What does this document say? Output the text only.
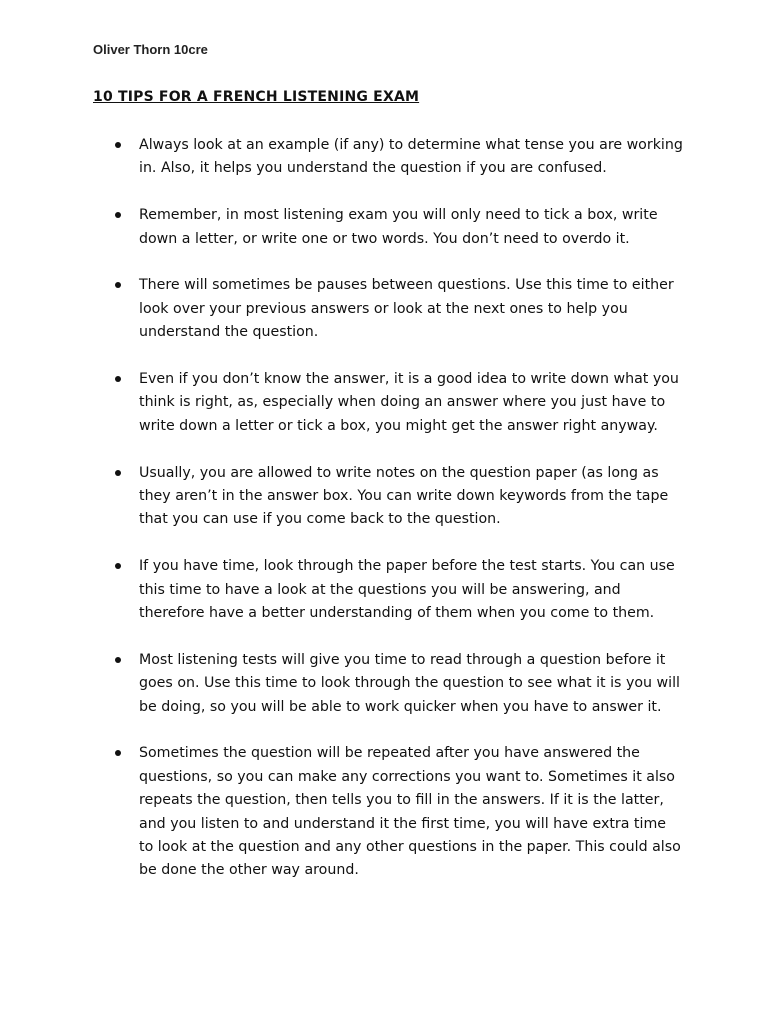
Oliver Thorn 10cre

10 TIPS FOR A FRENCH LISTENING EXAM
Always look at an example (if any) to determine what tense you are working in. Also, it helps you understand the question if you are confused.
Remember, in most listening exam you will only need to tick a box, write down a letter, or write one or two words. You don’t need to overdo it.
There will sometimes be pauses between questions. Use this time to either look over your previous answers or look at the next ones to help you understand the question.
Even if you don’t know the answer, it is a good idea to write down what you think is right, as, especially when doing an answer where you just have to write down a letter or tick a box, you might get the answer right anyway.
Usually, you are allowed to write notes on the question paper (as long as they aren’t in the answer box. You can write down keywords from the tape that you can use if you come back to the question.
If you have time, look through the paper before the test starts. You can use this time to have a look at the questions you will be answering, and therefore have a better understanding of them when you come to them.
Most listening tests will give you time to read through a question before it goes on. Use this time to look through the question to see what it is you will be doing, so you will be able to work quicker when you have to answer it.
Sometimes the question will be repeated after you have answered the questions, so you can make any corrections you want to. Sometimes it also repeats the question, then tells you to fill in the answers. If it is the latter, and you listen to and understand it the first time, you will have extra time to look at the question and any other questions in the paper. This could also be done the other way around.
